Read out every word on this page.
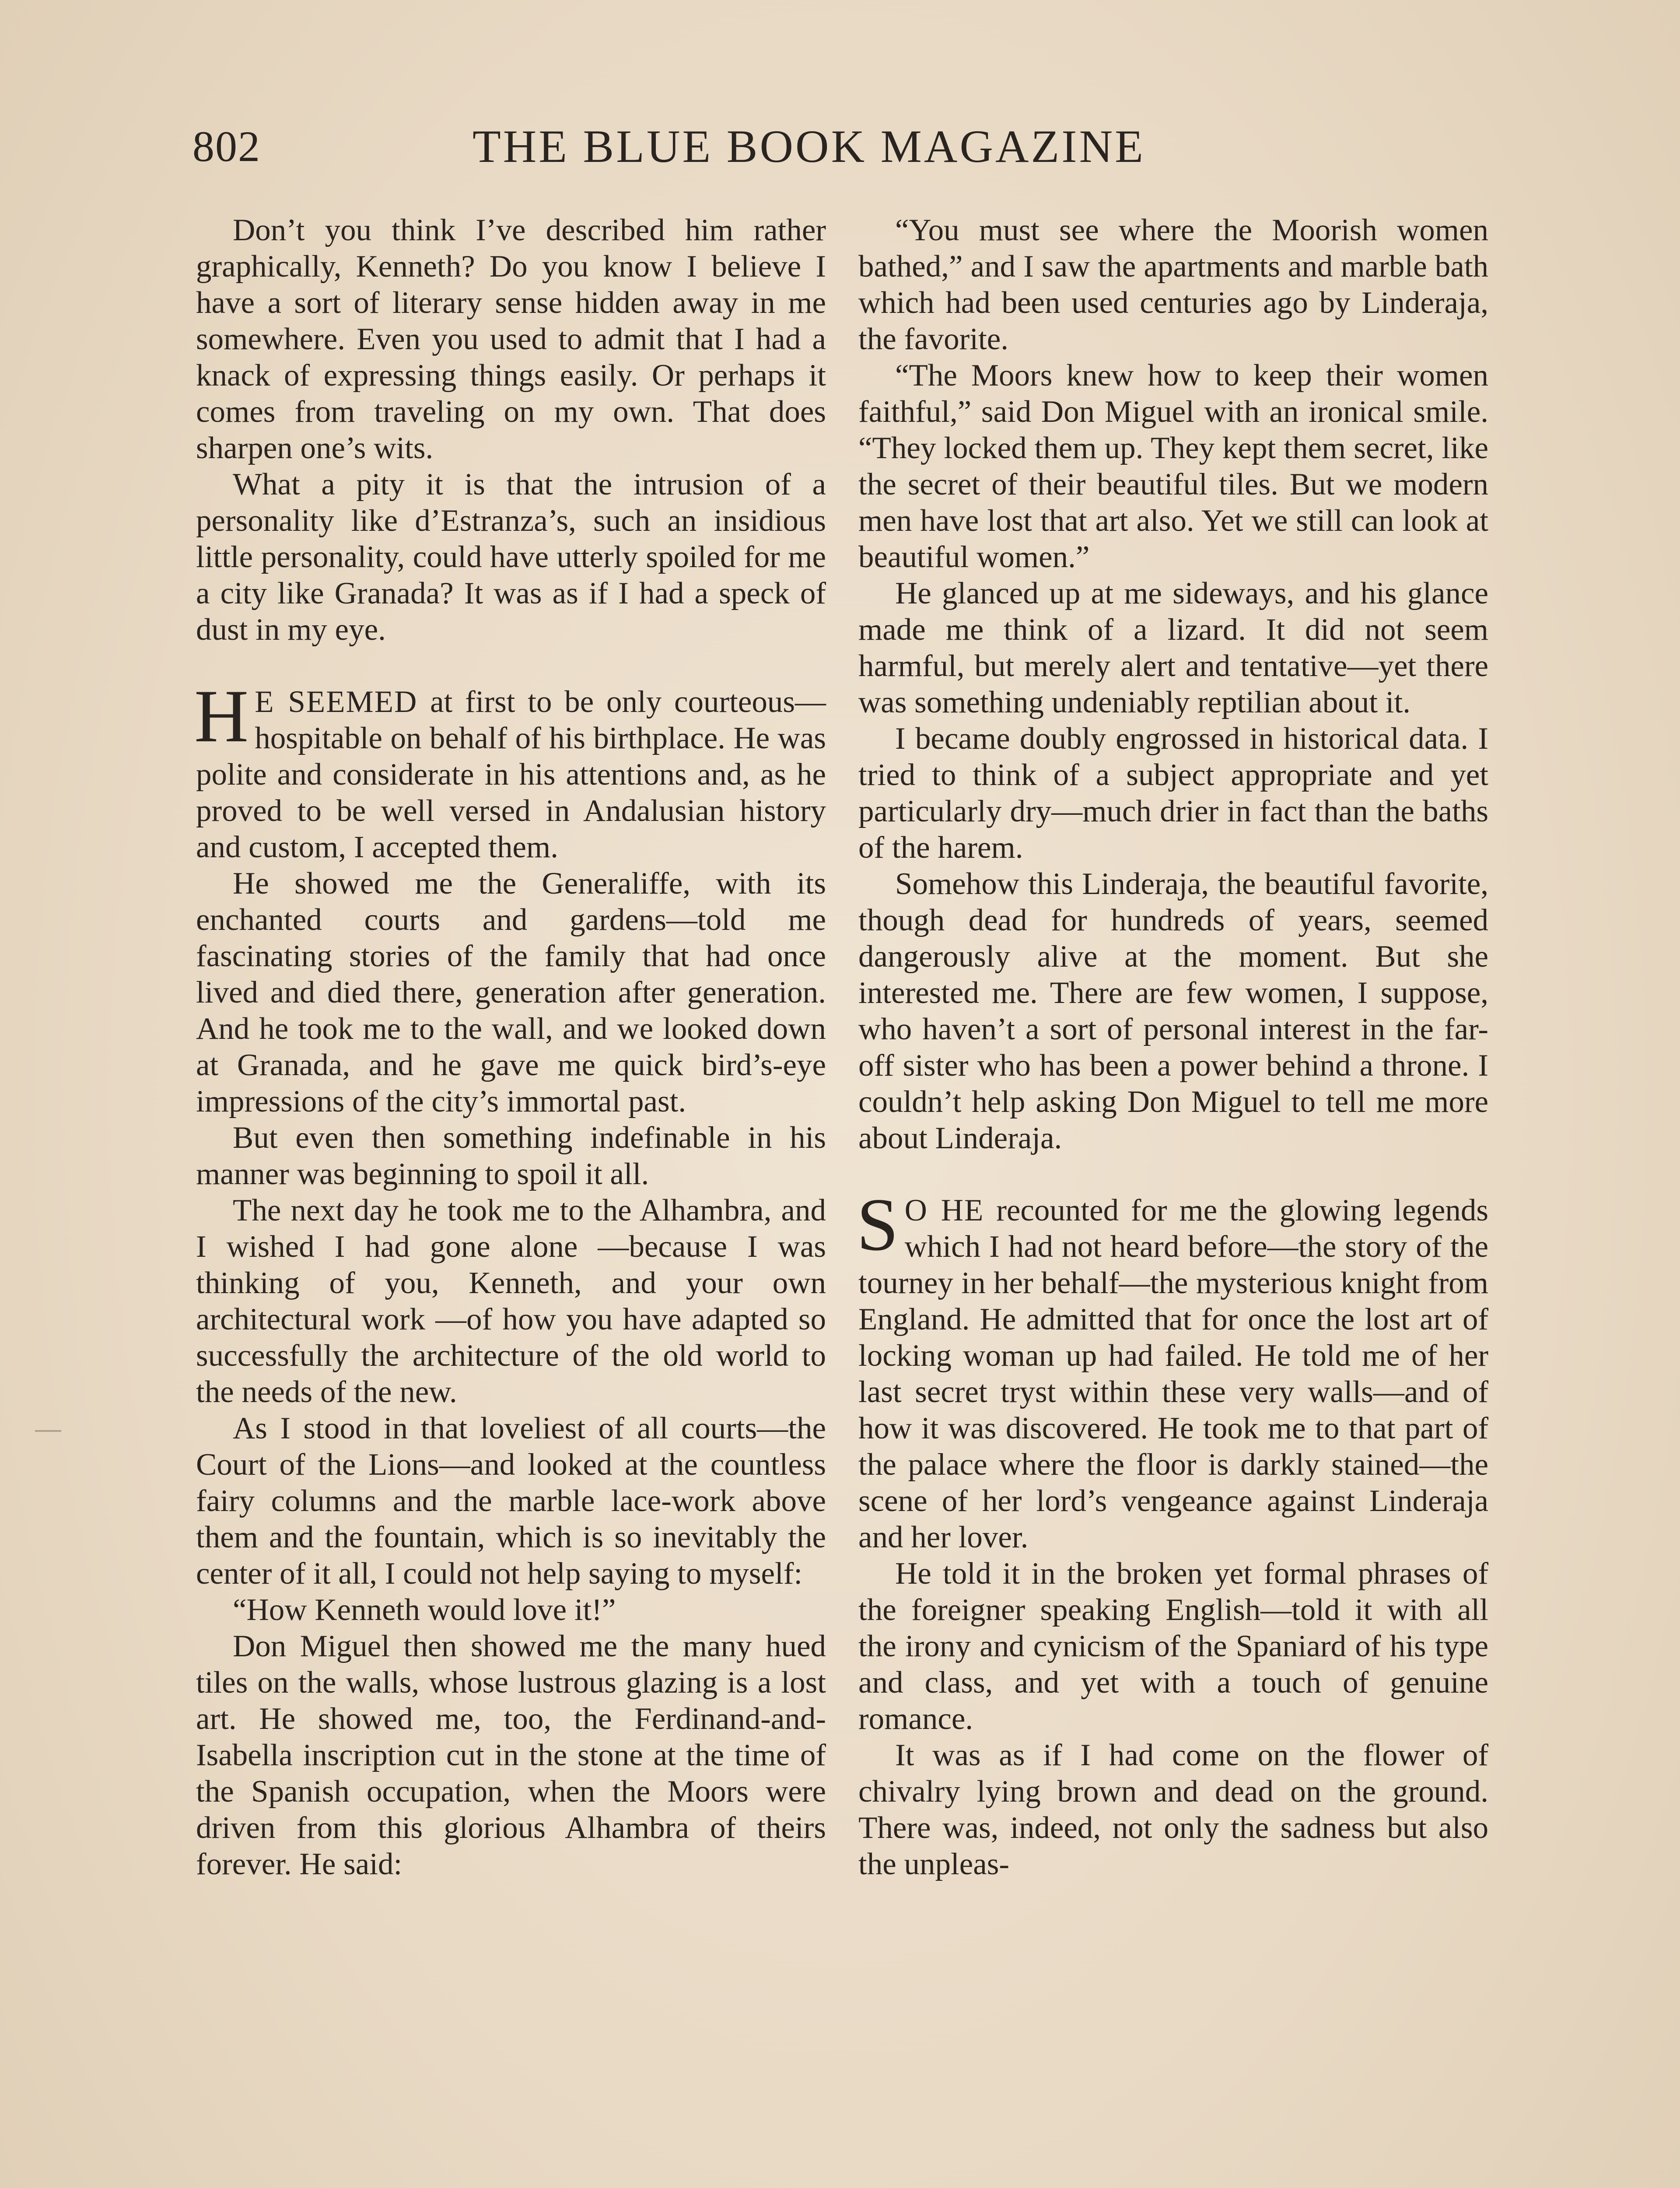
802	THE BLUE BOOK MAGAZINE

Don’t you think I’ve described him rather graphically, Kenneth? Do you know I believe I have a sort of literary sense hidden away in me somewhere. Even you used to admit that I had a knack of expressing things easily. Or perhaps it comes from traveling on my own. That does sharpen one’s wits.

What a pity it is that the intrusion of a personality like d’Estranza’s, such an insidious little personality, could have utterly spoiled for me a city like Granada? It was as if I had a speck of dust in my eye.

H E SEEMED at first to be only courteous—hospitable on behalf of his birthplace. He was polite and considerate in his attentions and, as he proved to be well versed in Andalusian history and custom, I accepted them.

He showed me the Generaliffe, with its enchanted courts and gardens—told me fascinating stories of the family that had once lived and died there, generation after generation. And he took me to the wall, and we looked down at Granada, and he gave me quick bird’s-eye impressions of the city’s immortal past.

But even then something indefinable in his manner was beginning to spoil it all.

The next day he took me to the Alhambra, and I wished I had gone alone —because I was thinking of you, Kenneth, and your own architectural work —of how you have adapted so successfully the architecture of the old world to the needs of the new.

As I stood in that loveliest of all courts—the Court of the Lions—and looked at the countless fairy columns and the marble lace-work above them and the fountain, which is so inevitably the center of it all, I could not help saying to myself:

“How Kenneth would love it!”

Don Miguel then showed me the many hued tiles on the walls, whose lustrous glazing is a lost art. He showed me, too, the Ferdinand-and-Isabella inscription cut in the stone at the time of the Spanish occupation, when the Moors were driven from this glorious Alhambra of theirs forever. He said:

“You must see where the Moorish women bathed,” and I saw the apartments and marble bath which had been used centuries ago by Linderaja, the favorite.

“The Moors knew how to keep their women faithful,” said Don Miguel with an ironical smile. “They locked them up. They kept them secret, like the secret of their beautiful tiles. But we modern men have lost that art also. Yet we still can look at beautiful women.”

He glanced up at me sideways, and his glance made me think of a lizard. It did not seem harmful, but merely alert and tentative—yet there was something undeniably reptilian about it.

I became doubly engrossed in historical data. I tried to think of a subject appropriate and yet particularly dry—much drier in fact than the baths of the harem.

Somehow this Linderaja, the beautiful favorite, though dead for hundreds of years, seemed dangerously alive at the moment. But she interested me. There are few women, I suppose, who haven’t a sort of personal interest in the far-off sister who has been a power behind a throne. I couldn’t help asking Don Miguel to tell me more about Linderaja.

S O HE recounted for me the glowing legends which I had not heard before—the story of the tourney in her behalf—the mysterious knight from England. He admitted that for once the lost art of locking woman up had failed. He told me of her last secret tryst within these very walls—and of how it was discovered. He took me to that part of the palace where the floor is darkly stained—the scene of her lord’s vengeance against Linderaja and her lover.

He told it in the broken yet formal phrases of the foreigner speaking English—told it with all the irony and cynicism of the Spaniard of his type and class, and yet with a touch of genuine romance.

It was as if I had come on the flower of chivalry lying brown and dead on the ground. There was, indeed, not only the sadness but also the unpleas-
